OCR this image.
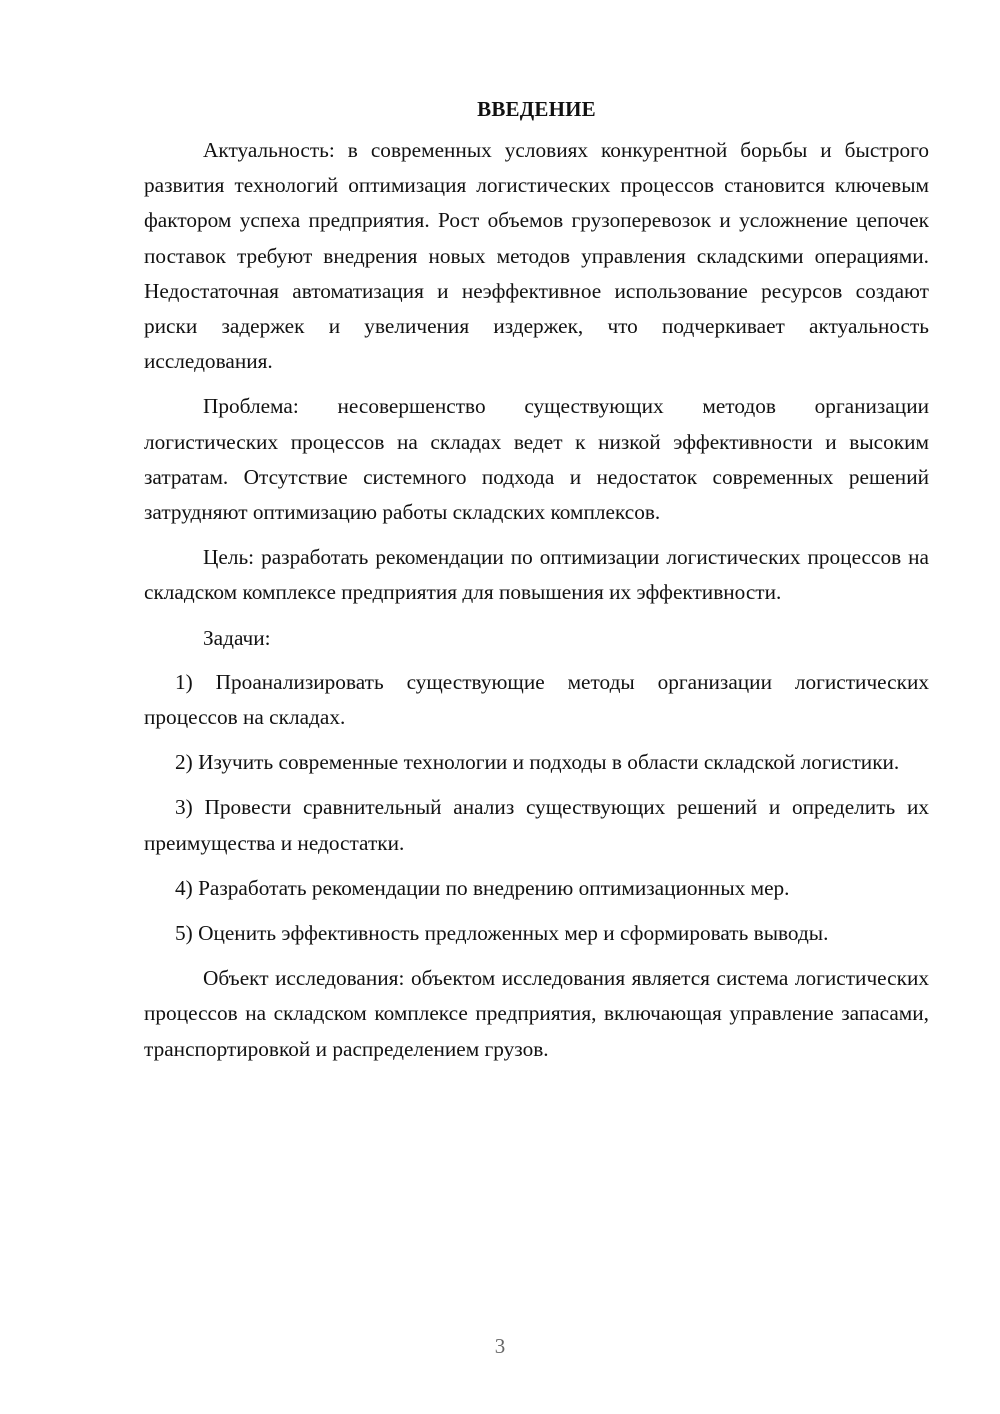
ВВЕДЕНИЕ

Актуальность: в современных условиях конкурентной борьбы и быстрого развития технологий оптимизация логистических процессов становится ключевым фактором успеха предприятия. Рост объемов грузоперевозок и усложнение цепочек поставок требуют внедрения новых методов управления складскими операциями. Недостаточная автоматизация и неэффективное использование ресурсов создают риски задержек и увеличения издержек, что подчеркивает актуальность исследования.

Проблема: несовершенство существующих методов организации логистических процессов на складах ведет к низкой эффективности и высоким затратам. Отсутствие системного подхода и недостаток современных решений затрудняют оптимизацию работы складских комплексов.

Цель: разработать рекомендации по оптимизации логистических процессов на складском комплексе предприятия для повышения их эффективности.

Задачи:

1) Проанализировать существующие методы организации логистических процессов на складах.

2) Изучить современные технологии и подходы в области складской логистики.

3) Провести сравнительный анализ существующих решений и определить их преимущества и недостатки.

4) Разработать рекомендации по внедрению оптимизационных мер.

5) Оценить эффективность предложенных мер и сформировать выводы.

Объект исследования: объектом исследования является система логистических процессов на складском комплексе предприятия, включающая управление запасами, транспортировкой и распределением грузов.

3
